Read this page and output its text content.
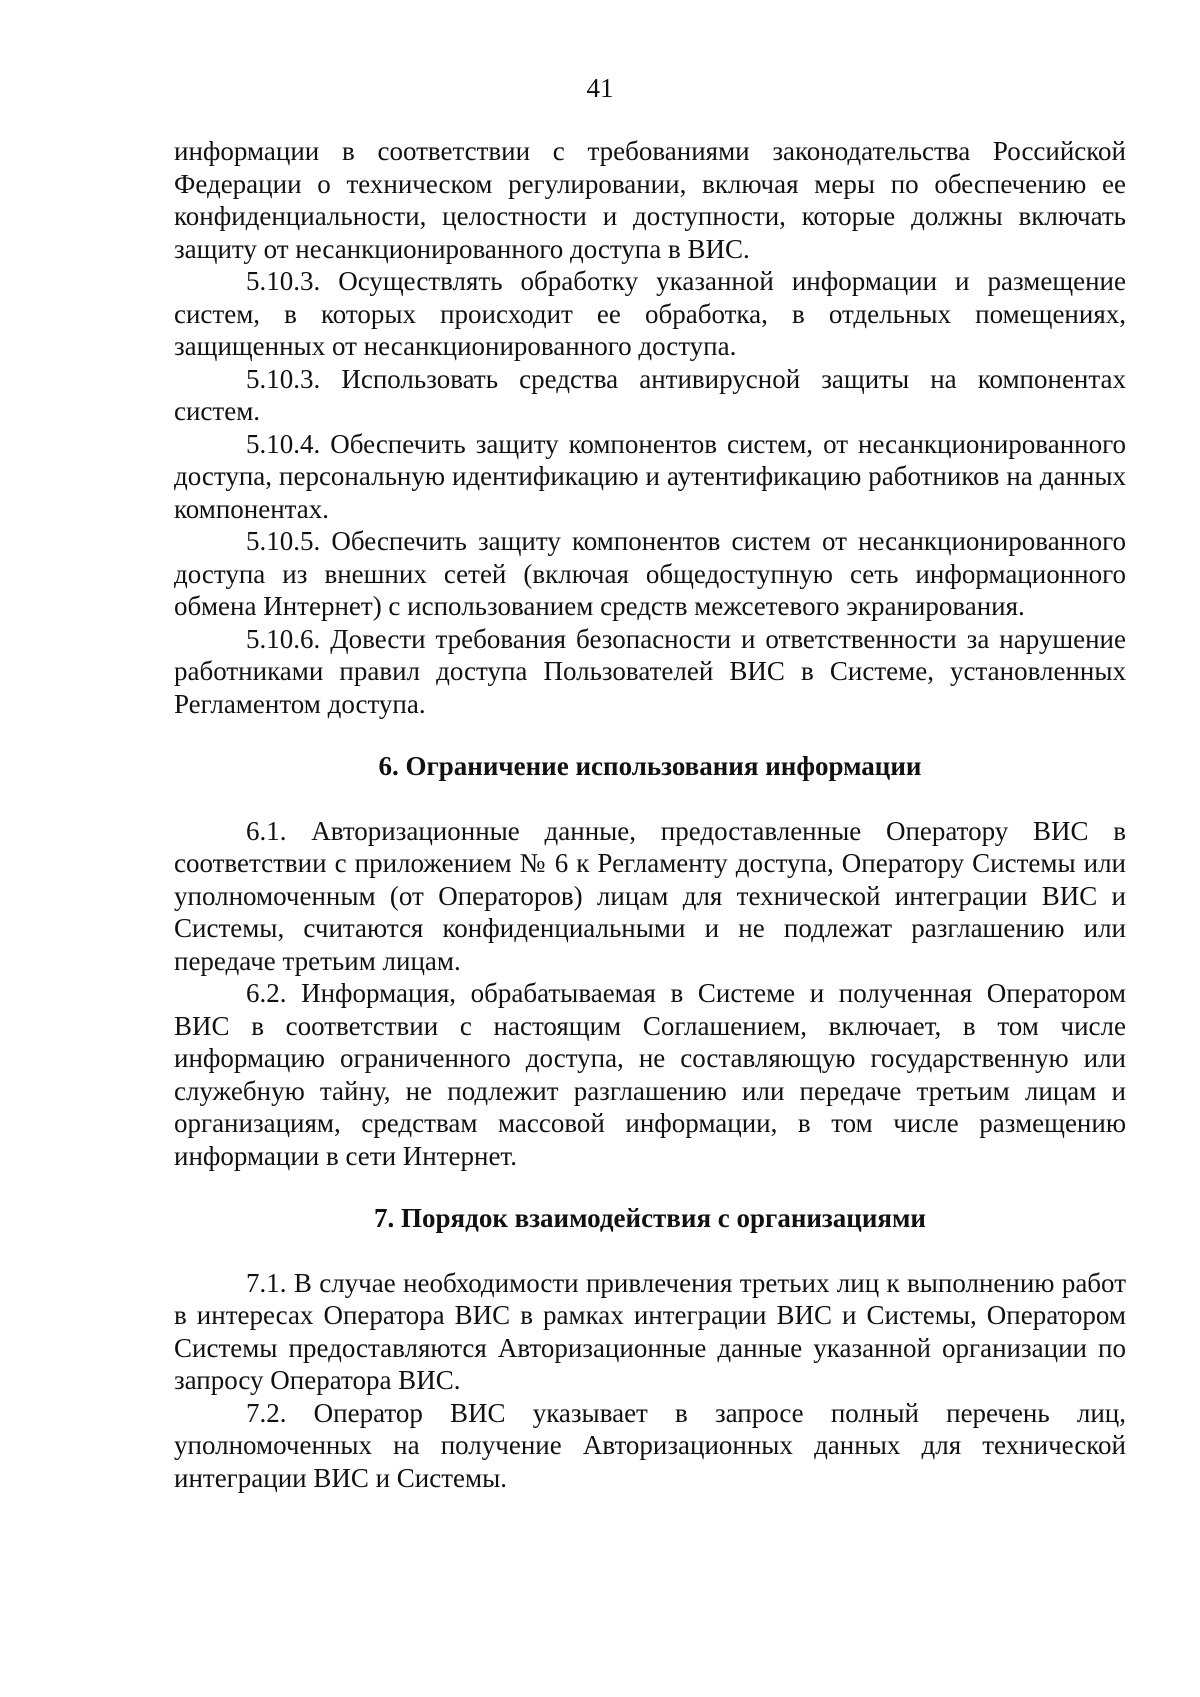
41

информации в соответствии с требованиями законодательства Российской Федерации о техническом регулировании, включая меры по обеспечению ее конфиденциальности, целостности и доступности, которые должны включать защиту от несанкционированного доступа в ВИС.

5.10.3. Осуществлять обработку указанной информации и размещение систем, в которых происходит ее обработка, в отдельных помещениях, защищенных от несанкционированного доступа.

5.10.3. Использовать средства антивирусной защиты на компонентах систем.

5.10.4. Обеспечить защиту компонентов систем, от несанкционированного доступа, персональную идентификацию и аутентификацию работников на данных компонентах.

5.10.5. Обеспечить защиту компонентов систем от несанкционированного доступа из внешних сетей (включая общедоступную сеть информационного обмена Интернет) с использованием средств межсетевого экранирования.

5.10.6. Довести требования безопасности и ответственности за нарушение работниками правил доступа Пользователей ВИС в Системе, установленных Регламентом доступа.

6. Ограничение использования информации

6.1. Авторизационные данные, предоставленные Оператору ВИС в соответствии с приложением № 6 к Регламенту доступа, Оператору Системы или уполномоченным (от Операторов) лицам для технической интеграции ВИС и Системы, считаются конфиденциальными и не подлежат разглашению или передаче третьим лицам.

6.2. Информация, обрабатываемая в Системе и полученная Оператором ВИС в соответствии с настоящим Соглашением, включает, в том числе информацию ограниченного доступа, не составляющую государственную или служебную тайну, не подлежит разглашению или передаче третьим лицам и организациям, средствам массовой информации, в том числе размещению информации в сети Интернет.

7. Порядок взаимодействия с организациями

7.1. В случае необходимости привлечения третьих лиц к выполнению работ в интересах Оператора ВИС в рамках интеграции ВИС и Системы, Оператором Системы предоставляются Авторизационные данные указанной организации по запросу Оператора ВИС.

7.2. Оператор ВИС указывает в запросе полный перечень лиц, уполномоченных на получение Авторизационных данных для технической интеграции ВИС и Системы.
